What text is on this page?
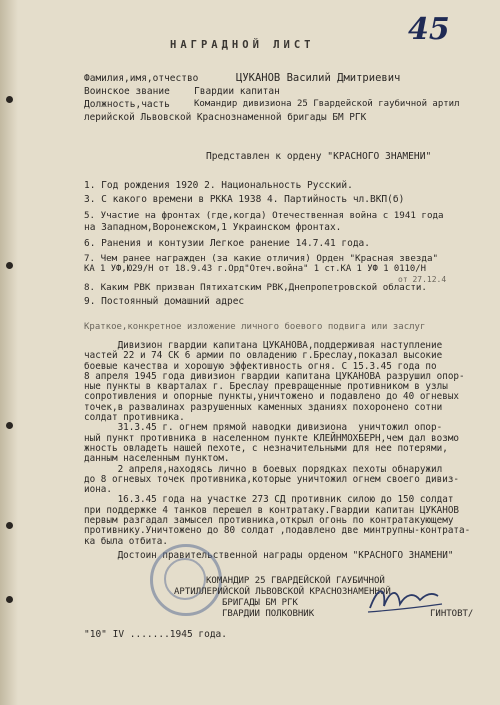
НАГРАДНОЙ ЛИСТ	45
Фамилия,имя,отчество	ЦУКАНОВ Василий Дмитриевич
Воинское звание	Гвардии капитан
Должность,часть	Командир дивизиона 25 Гвардейской гаубичной артил
лерийской Львовской Краснознаменной бригады БМ РГК
Представлен к ордену "КРАСНОГО ЗНАМЕНИ"
1. Год рождения 1920 2. Национальность Русский.
3. С какого времени в РККА 1938 4. Партийность чл.ВКП(б)
5. Участие на фронтах (где,когда) Отечественная война с 1941 года
на Западном,Воронежском,1 Украинском фронтах.
6. Ранения и контузии Легкое ранение 14.7.41 года.
7. Чем ранее награжден (за какие отличия) Орден "Красная звезда"
КА 1 УФ,Ю29/Н от 18.9.43 г.Орд"Отеч.война" 1 ст.КА 1 УФ 1 0110/Н
от 27.12.4
8. Каким РВК призван Пятихатским РВК,Днепропетровской области.
9. Постоянный домашний адрес
Краткое,конкретное изложение личного боевого подвига или заслуг
Дивизион гвардии капитана ЦУКАНОВА,поддерживая наступление
частей 22 и 74 СК 6 армии по овладению г.Бреслау,показал высокие
боевые качества и хорошую эффективность огня. С 15.3.45 года по
8 апреля 1945 года дивизион гвардии капитана ЦУКАНОВА разрушил опор-
ные пункты в кварталах г. Бреслау превращенные противником в узлы
сопротивления и опорные пункты,уничтожено и подавлено до 40 огневых
точек,в развалинах разрушенных каменных зданиях похоронено сотни
солдат противника.
31.3.45 г. огнем прямой наводки дивизиона  уничтожил опор-
ный пункт противника в населенном пункте КЛЕЙНМОХБЕРН,чем дал возмо
жность овладеть нашей пехоте, с незначительными для нее потерями,
данным населенным пунктом.
2 апреля,находясь лично в боевых порядках пехоты обнаружил
до 8 огневых точек противника,которые уничтожил огнем своего дивиз-
иона.
16.3.45 года на участке 273 СД противник силою до 150 солдат
при поддержке 4 танков перешел в контратаку.Гвардии капитан ЦУКАНОВ
первым разгадал замысел противника,открыл огонь по контратакующему
противнику.Уничтожено до 80 солдат ,подавлено две минтрупны-контрата-
ка была отбита.
Достоин правительственной награды орденом "КРАСНОГО ЗНАМЕНИ"
КОМАНДИР 25 ГВАРДЕЙСКОЙ ГАУБИЧНОЙ
АРТИЛЛЕРИЙСКОЙ ЛЬВОВСКОЙ КРАСНОЗНАМЕННОЙ
БРИГАДЫ БМ РГК
ГВАРДИИ ПОЛКОВНИК	ГИНТОВТ/
"10" IV .......1945 года.
